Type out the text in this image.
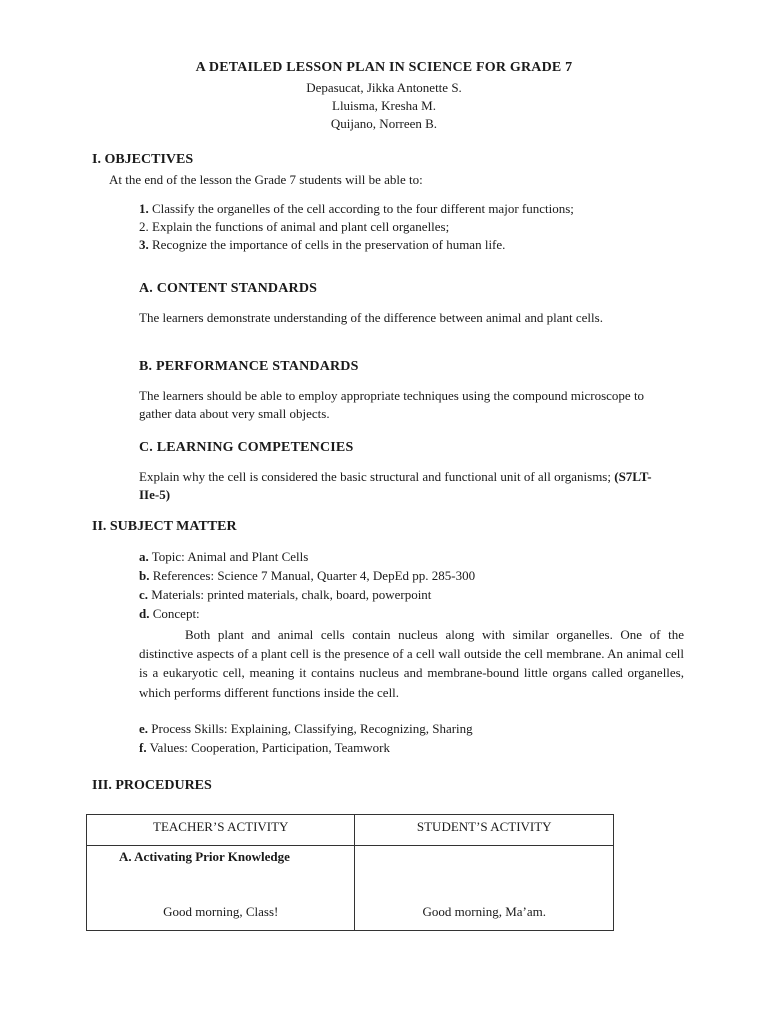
A DETAILED LESSON PLAN IN SCIENCE FOR GRADE 7
Depasucat, Jikka Antonette S.
Lluisma, Kresha M.
Quijano, Norreen B.
I. OBJECTIVES
At the end of the lesson the Grade 7 students will be able to:
1. Classify the organelles of the cell according to the four different major functions;
2. Explain the functions of animal and plant cell organelles;
3. Recognize the importance of cells in the preservation of human life.
A. CONTENT STANDARDS
The learners demonstrate understanding of the difference between animal and plant cells.
B. PERFORMANCE STANDARDS
The learners should be able to employ appropriate techniques using the compound microscope to gather data about very small objects.
C. LEARNING COMPETENCIES
Explain why the cell is considered the basic structural and functional unit of all organisms; (S7LT-IIe-5)
II. SUBJECT MATTER
a. Topic: Animal and Plant Cells
b. References: Science 7 Manual, Quarter 4, DepEd pp. 285-300
c. Materials: printed materials, chalk, board, powerpoint
d. Concept:

Both plant and animal cells contain nucleus along with similar organelles. One of the distinctive aspects of a plant cell is the presence of a cell wall outside the cell membrane. An animal cell is a eukaryotic cell, meaning it contains nucleus and membrane-bound little organs called organelles, which performs different functions inside the cell.

e. Process Skills: Explaining, Classifying, Recognizing, Sharing
f. Values: Cooperation, Participation, Teamwork
III. PROCEDURES
TEACHER’S ACTIVITY	STUDENT’S ACTIVITY

A. Activating Prior Knowledge
Good morning, Class!	Good morning, Ma’am.
